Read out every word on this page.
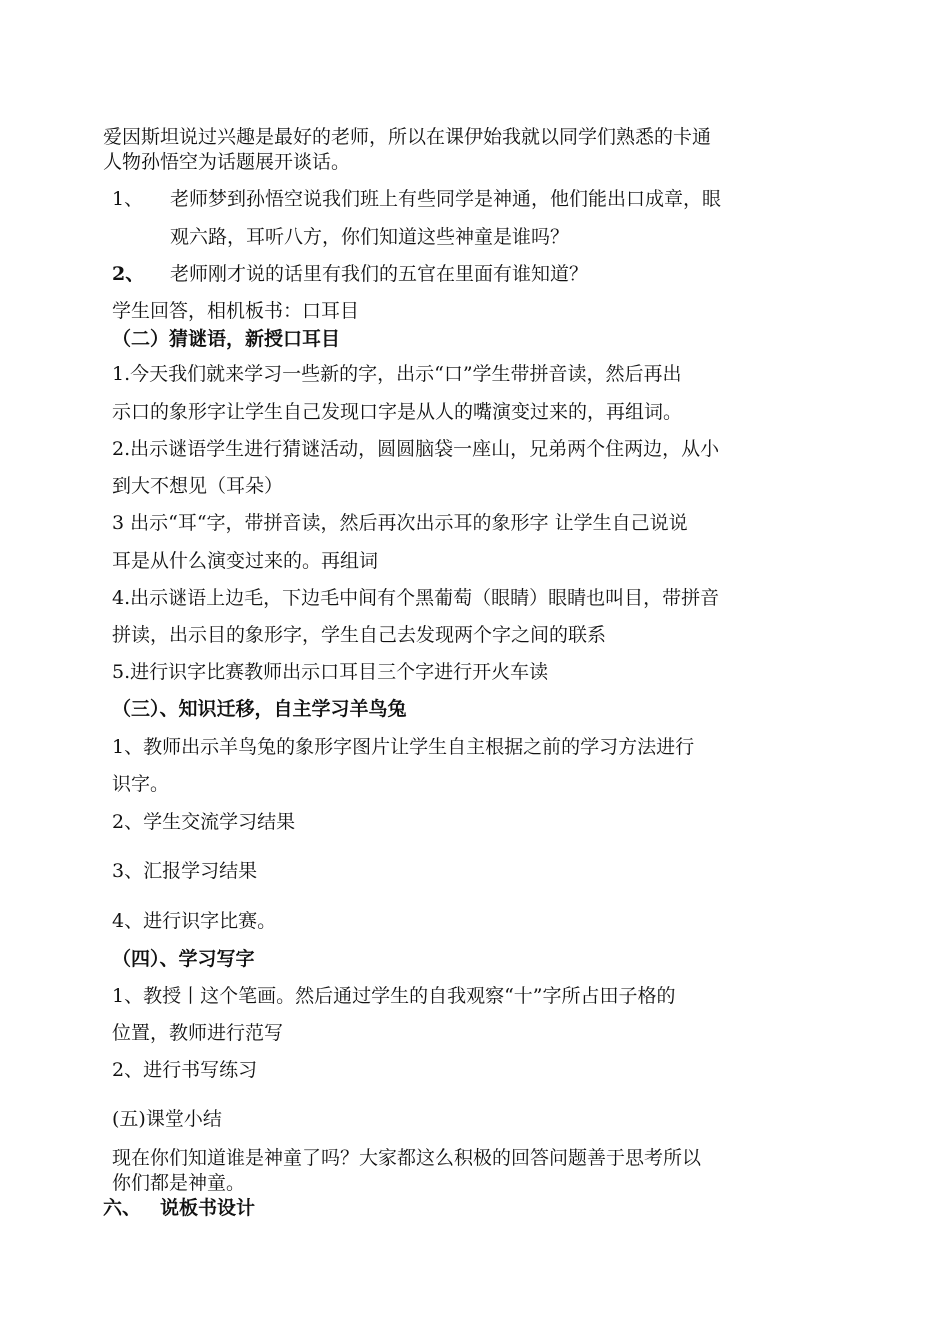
爱因斯坦说过兴趣是最好的老师，所以在课伊始我就以同学们熟悉的卡通
人物孙悟空为话题展开谈话。
1、 老师梦到孙悟空说我们班上有些同学是神通，他们能出口成章，眼
观六路，耳听八方，你们知道这些神童是谁吗？
2、 老师刚才说的话里有我们的五官在里面有谁知道？
学生回答，相机板书：口耳目
（二）猜谜语，新授口耳目
1.今天我们就来学习一些新的字，出示“口”学生带拼音读，然后再出
示口的象形字让学生自己发现口字是从人的嘴演变过来的，再组词。
2.出示谜语学生进行猜谜活动，圆圆脑袋一座山，兄弟两个住两边，从小
到大不想见（耳朵）
3 出示“耳“字，带拼音读，然后再次出示耳的象形字 让学生自己说说
耳是从什么演变过来的。再组词
4.出示谜语上边毛，下边毛中间有个黑葡萄（眼睛）眼睛也叫目，带拼音
拼读，出示目的象形字，学生自己去发现两个字之间的联系
5.进行识字比赛教师出示口耳目三个字进行开火车读
（三）、知识迁移，自主学习羊鸟兔
1、教师出示羊鸟兔的象形字图片让学生自主根据之前的学习方法进行
识字。
2、学生交流学习结果
3、汇报学习结果
4、进行识字比赛。
（四）、学习写字
1、教授丨这个笔画。然后通过学生的自我观察“十”字所占田子格的
位置，教师进行范写
2、进行书写练习
(五)课堂小结
现在你们知道谁是神童了吗？大家都这么积极的回答问题善于思考所以
你们都是神童。
六、 说板书设计
